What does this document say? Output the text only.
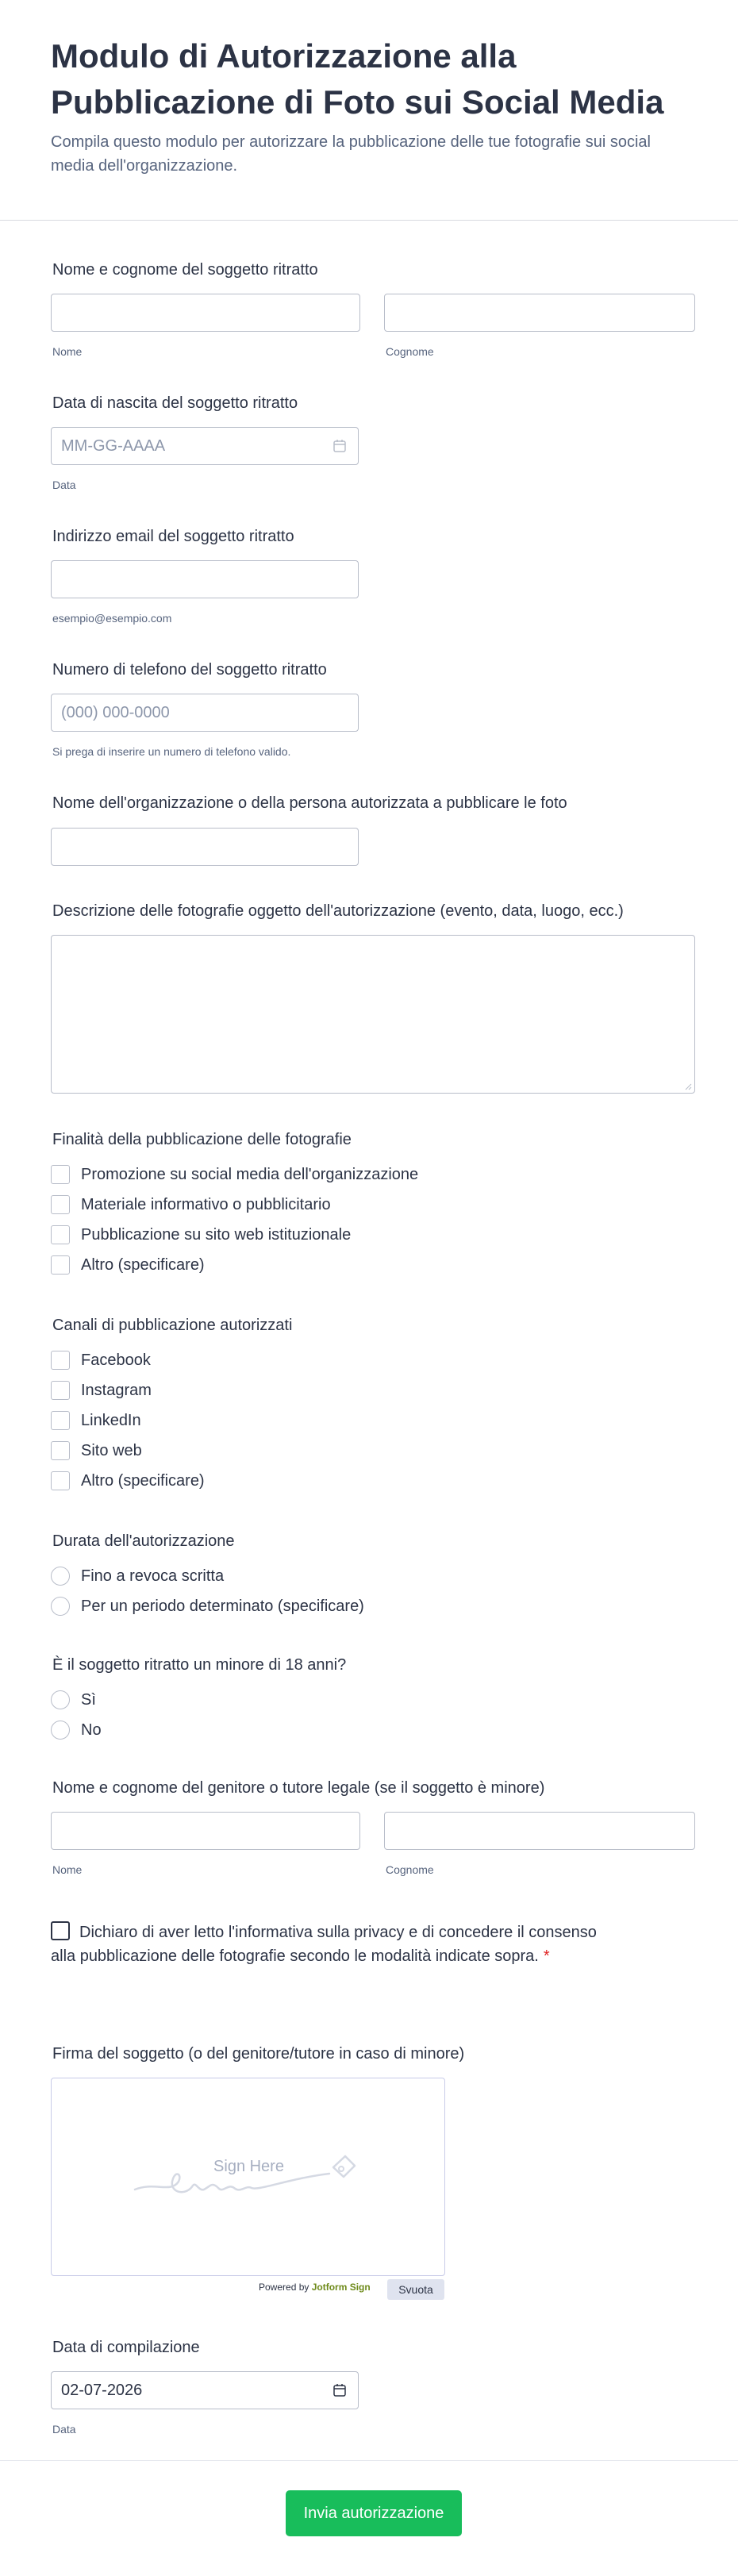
Modulo di Autorizzazione alla Pubblicazione di Foto sui Social Media
Compila questo modulo per autorizzare la pubblicazione delle tue fotografie sui social media dell'organizzazione.
Nome e cognome del soggetto ritratto
Nome	Cognome
Data di nascita del soggetto ritratto
MM-GG-AAAA
Data
Indirizzo email del soggetto ritratto
esempio@esempio.com
Numero di telefono del soggetto ritratto
(000) 000-0000
Si prega di inserire un numero di telefono valido.
Nome dell'organizzazione o della persona autorizzata a pubblicare le foto
Descrizione delle fotografie oggetto dell'autorizzazione (evento, data, luogo, ecc.)
Finalità della pubblicazione delle fotografie
Promozione su social media dell'organizzazione
Materiale informativo o pubblicitario
Pubblicazione su sito web istituzionale
Altro (specificare)
Canali di pubblicazione autorizzati
Facebook
Instagram
LinkedIn
Sito web
Altro (specificare)
Durata dell'autorizzazione
Fino a revoca scritta
Per un periodo determinato (specificare)
È il soggetto ritratto un minore di 18 anni?
Sì
No
Nome e cognome del genitore o tutore legale (se il soggetto è minore)
Nome	Cognome
Dichiaro di aver letto l'informativa sulla privacy e di concedere il consenso alla pubblicazione delle fotografie secondo le modalità indicate sopra. *
Firma del soggetto (o del genitore/tutore in caso di minore)
Sign Here
Powered by Jotform Sign	Svuota
Data di compilazione
02-07-2026
Data
Invia autorizzazione
